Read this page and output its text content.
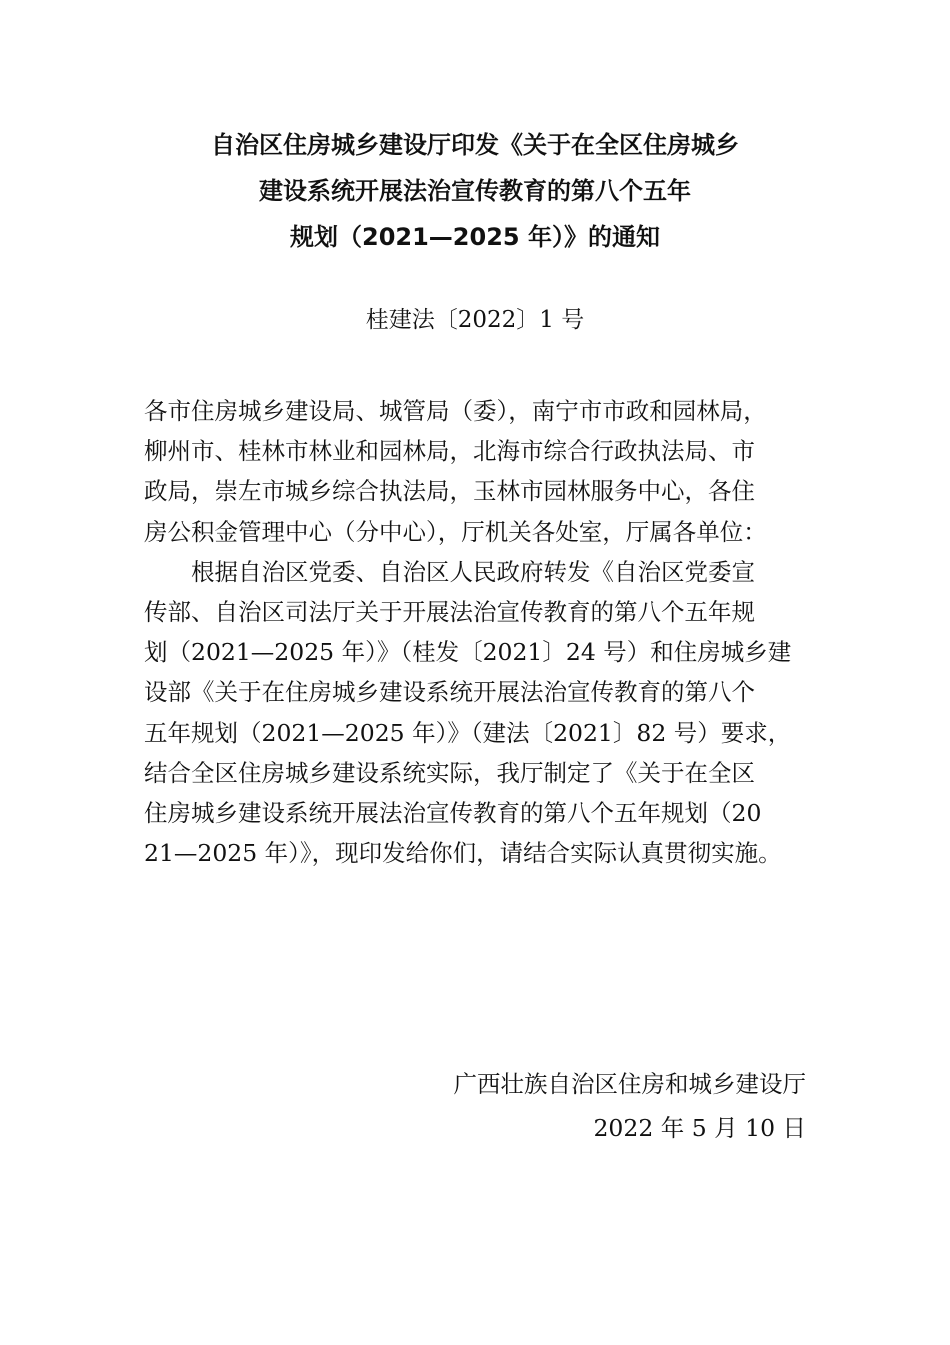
自治区住房城乡建设厅印发《关于在全区住房城乡
建设系统开展法治宣传教育的第八个五年
规划（2021—2025 年）》的通知
桂建法〔2022〕1 号
各市住房城乡建设局、城管局（委），南宁市市政和园林局，
柳州市、桂林市林业和园林局，北海市综合行政执法局、市
政局，崇左市城乡综合执法局，玉林市园林服务中心，各住
房公积金管理中心（分中心），厅机关各处室，厅属各单位：
　　根据自治区党委、自治区人民政府转发《自治区党委宣
传部、自治区司法厅关于开展法治宣传教育的第八个五年规
划（2021—2025 年）》（桂发〔2021〕24 号）和住房城乡建
设部《关于在住房城乡建设系统开展法治宣传教育的第八个
五年规划（2021—2025 年）》（建法〔2021〕82 号）要求，
结合全区住房城乡建设系统实际，我厅制定了《关于在全区
住房城乡建设系统开展法治宣传教育的第八个五年规划（20
21—2025 年）》，现印发给你们，请结合实际认真贯彻实施。
广西壮族自治区住房和城乡建设厅
2022 年 5 月 10 日
